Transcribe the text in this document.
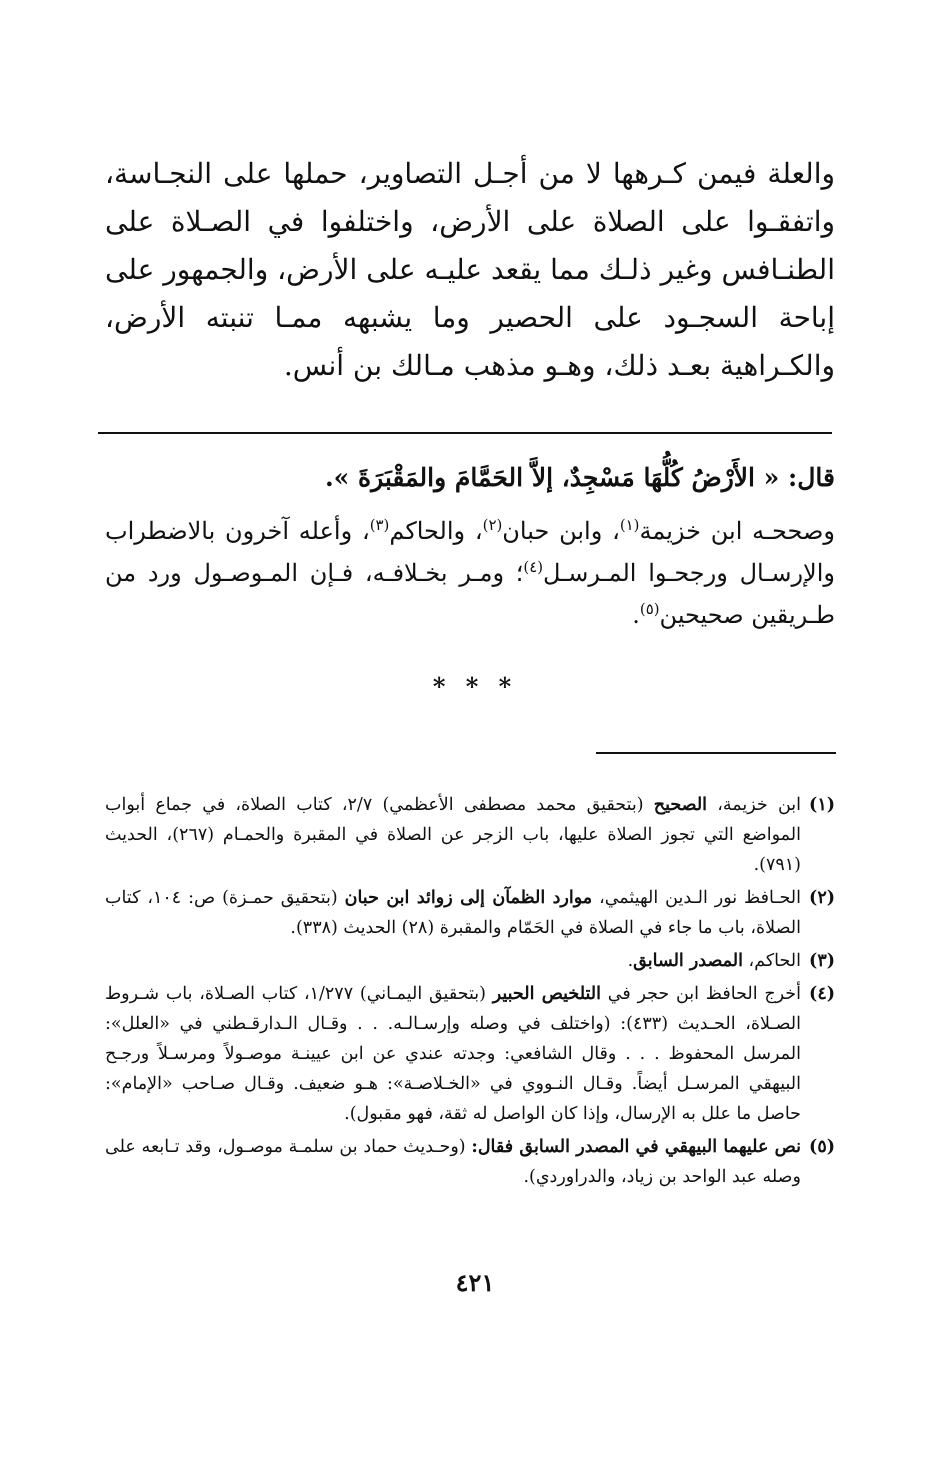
والعلة فيمن كـرهها لا من أجـل التصاوير، حملها على النجـاسة، واتفقـوا على الصلاة على الأرض، واختلفوا في الصـلاة على الطنـافس وغير ذلـك مما يقعد عليـه على الأرض، والجمهور على إباحة السجـود على الحصير وما يشبهه ممـا تنبته الأرض، والكـراهية بعـد ذلك، وهـو مذهب مـالك بن أنس.

قال: « الأَرْضُ كُلُّهَا مَسْجِدٌ، إلاَّ الحَمَّامَ والمَقْبَرَةَ ».

وصححـه ابن خزيمة$^{(١)}$، وابن حبان$^{(٢)}$، والحاكم$^{(٣)}$، وأعله آخرون بالاضطراب والإرسـال ورجحـوا المـرسـل$^{(٤)}$؛ ومـر بخـلافـه، فـإن المـوصـول ورد من طـريقين صحيحين$^{(٥)}$.

* * *
(١)
ابن خزيمة، الصحيح (بتحقيق محمد مصطفى الأعظمي) ٢/٧، كتاب الصلاة، في جماع أبواب المواضع التي تجوز الصلاة عليها، باب الزجر عن الصلاة في المقبرة والحمـام (٢٦٧)، الحديث (٧٩١).
(٢)
الحـافظ نور الـدين الهيثمي، موارد الظمآن إلى زوائد ابن حبان (بتحقيق حمـزة) ص: ١٠٤، كتاب الصلاة، باب ما جاء في الصلاة في الحَمّام والمقبرة (٢٨) الحديث (٣٣٨).
(٣)
الحاكم، المصدر السابق.
(٤)
أخرج الحافظ ابن حجر في التلخيص الحبير (بتحقيق اليمـاني) ١/٢٧٧، كتاب الصـلاة، باب شـروط الصـلاة، الحـديث (٤٣٣): (واختلف في وصله وإرسـالـه. . . وقـال الـدارقـطني في «العلل»: المرسل المحفوظ . . . وقال الشافعي: وجدته عندي عن ابن عيينـة موصـولاً ومرسـلاً ورجـح البيهقي المرسـل أيضاً. وقـال النـووي في «الخـلاصـة»: هـو ضعيف. وقـال صـاحب «الإمام»: حاصل ما علل به الإرسال، وإذا كان الواصل له ثقة، فهو مقبول).
(٥)
نص عليهما البيهقي في المصدر السابق فقال: (وحـديث حماد بن سلمـة موصـول، وقد تـابعه على وصله عبد الواحد بن زياد، والدراوردي).
٤٢١
